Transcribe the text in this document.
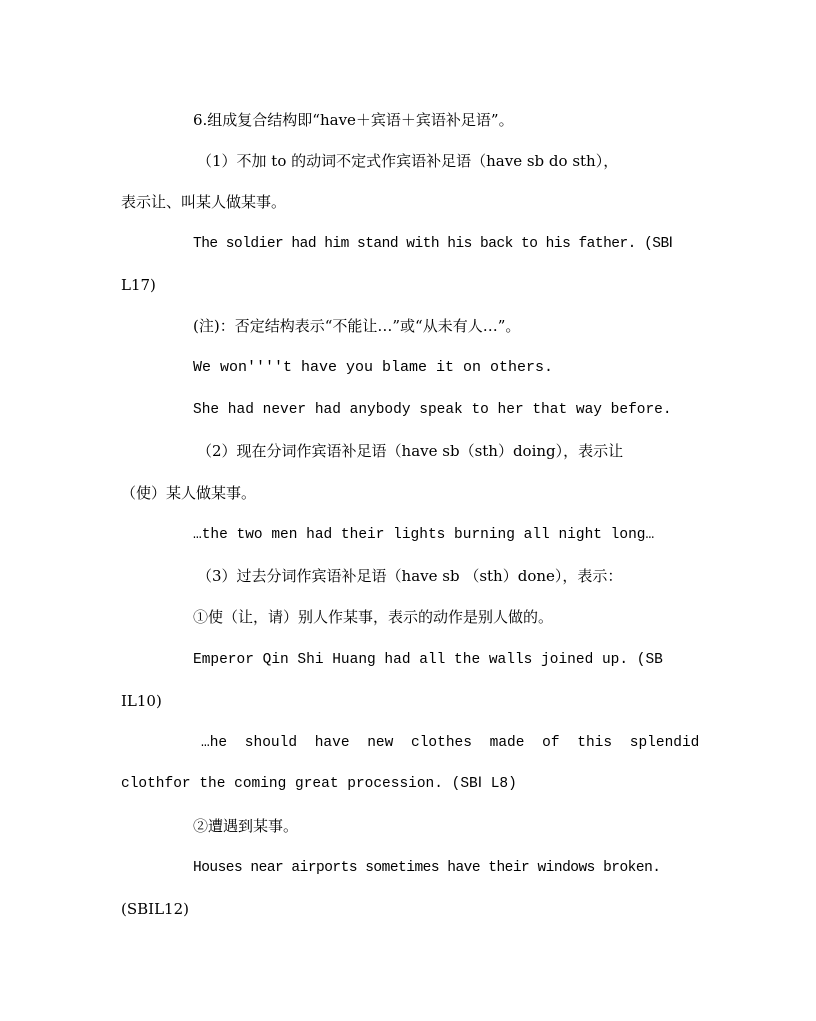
6.组成复合结构即“have＋宾语＋宾语补足语”。
（1）不加 to 的动词不定式作宾语补足语（have sb do sth），
表示让、叫某人做某事。
The soldier had him stand with his back to his father. (SBⅠ
L17)
(注)：否定结构表示“不能让…”或“从未有人…”。
We won''''t have you blame it on others.
She had never had anybody speak to her that way before.
（2）现在分词作宾语补足语（have sb（sth）doing），表示让
（使）某人做某事。
…the two men had their lights burning all night long…
（3）过去分词作宾语补足语（have sb （sth）done），表示：
①使（让，请）别人作某事，表示的动作是别人做的。
Emperor Qin Shi Huang had all the walls joined up. (SB
ⅠL10)
…he should have new clothes made of this splendid
clothfor the coming great procession. (SBⅠ L8)
②遭遇到某事。
Houses near airports sometimes have their windows broken.
(SBⅠL12)
